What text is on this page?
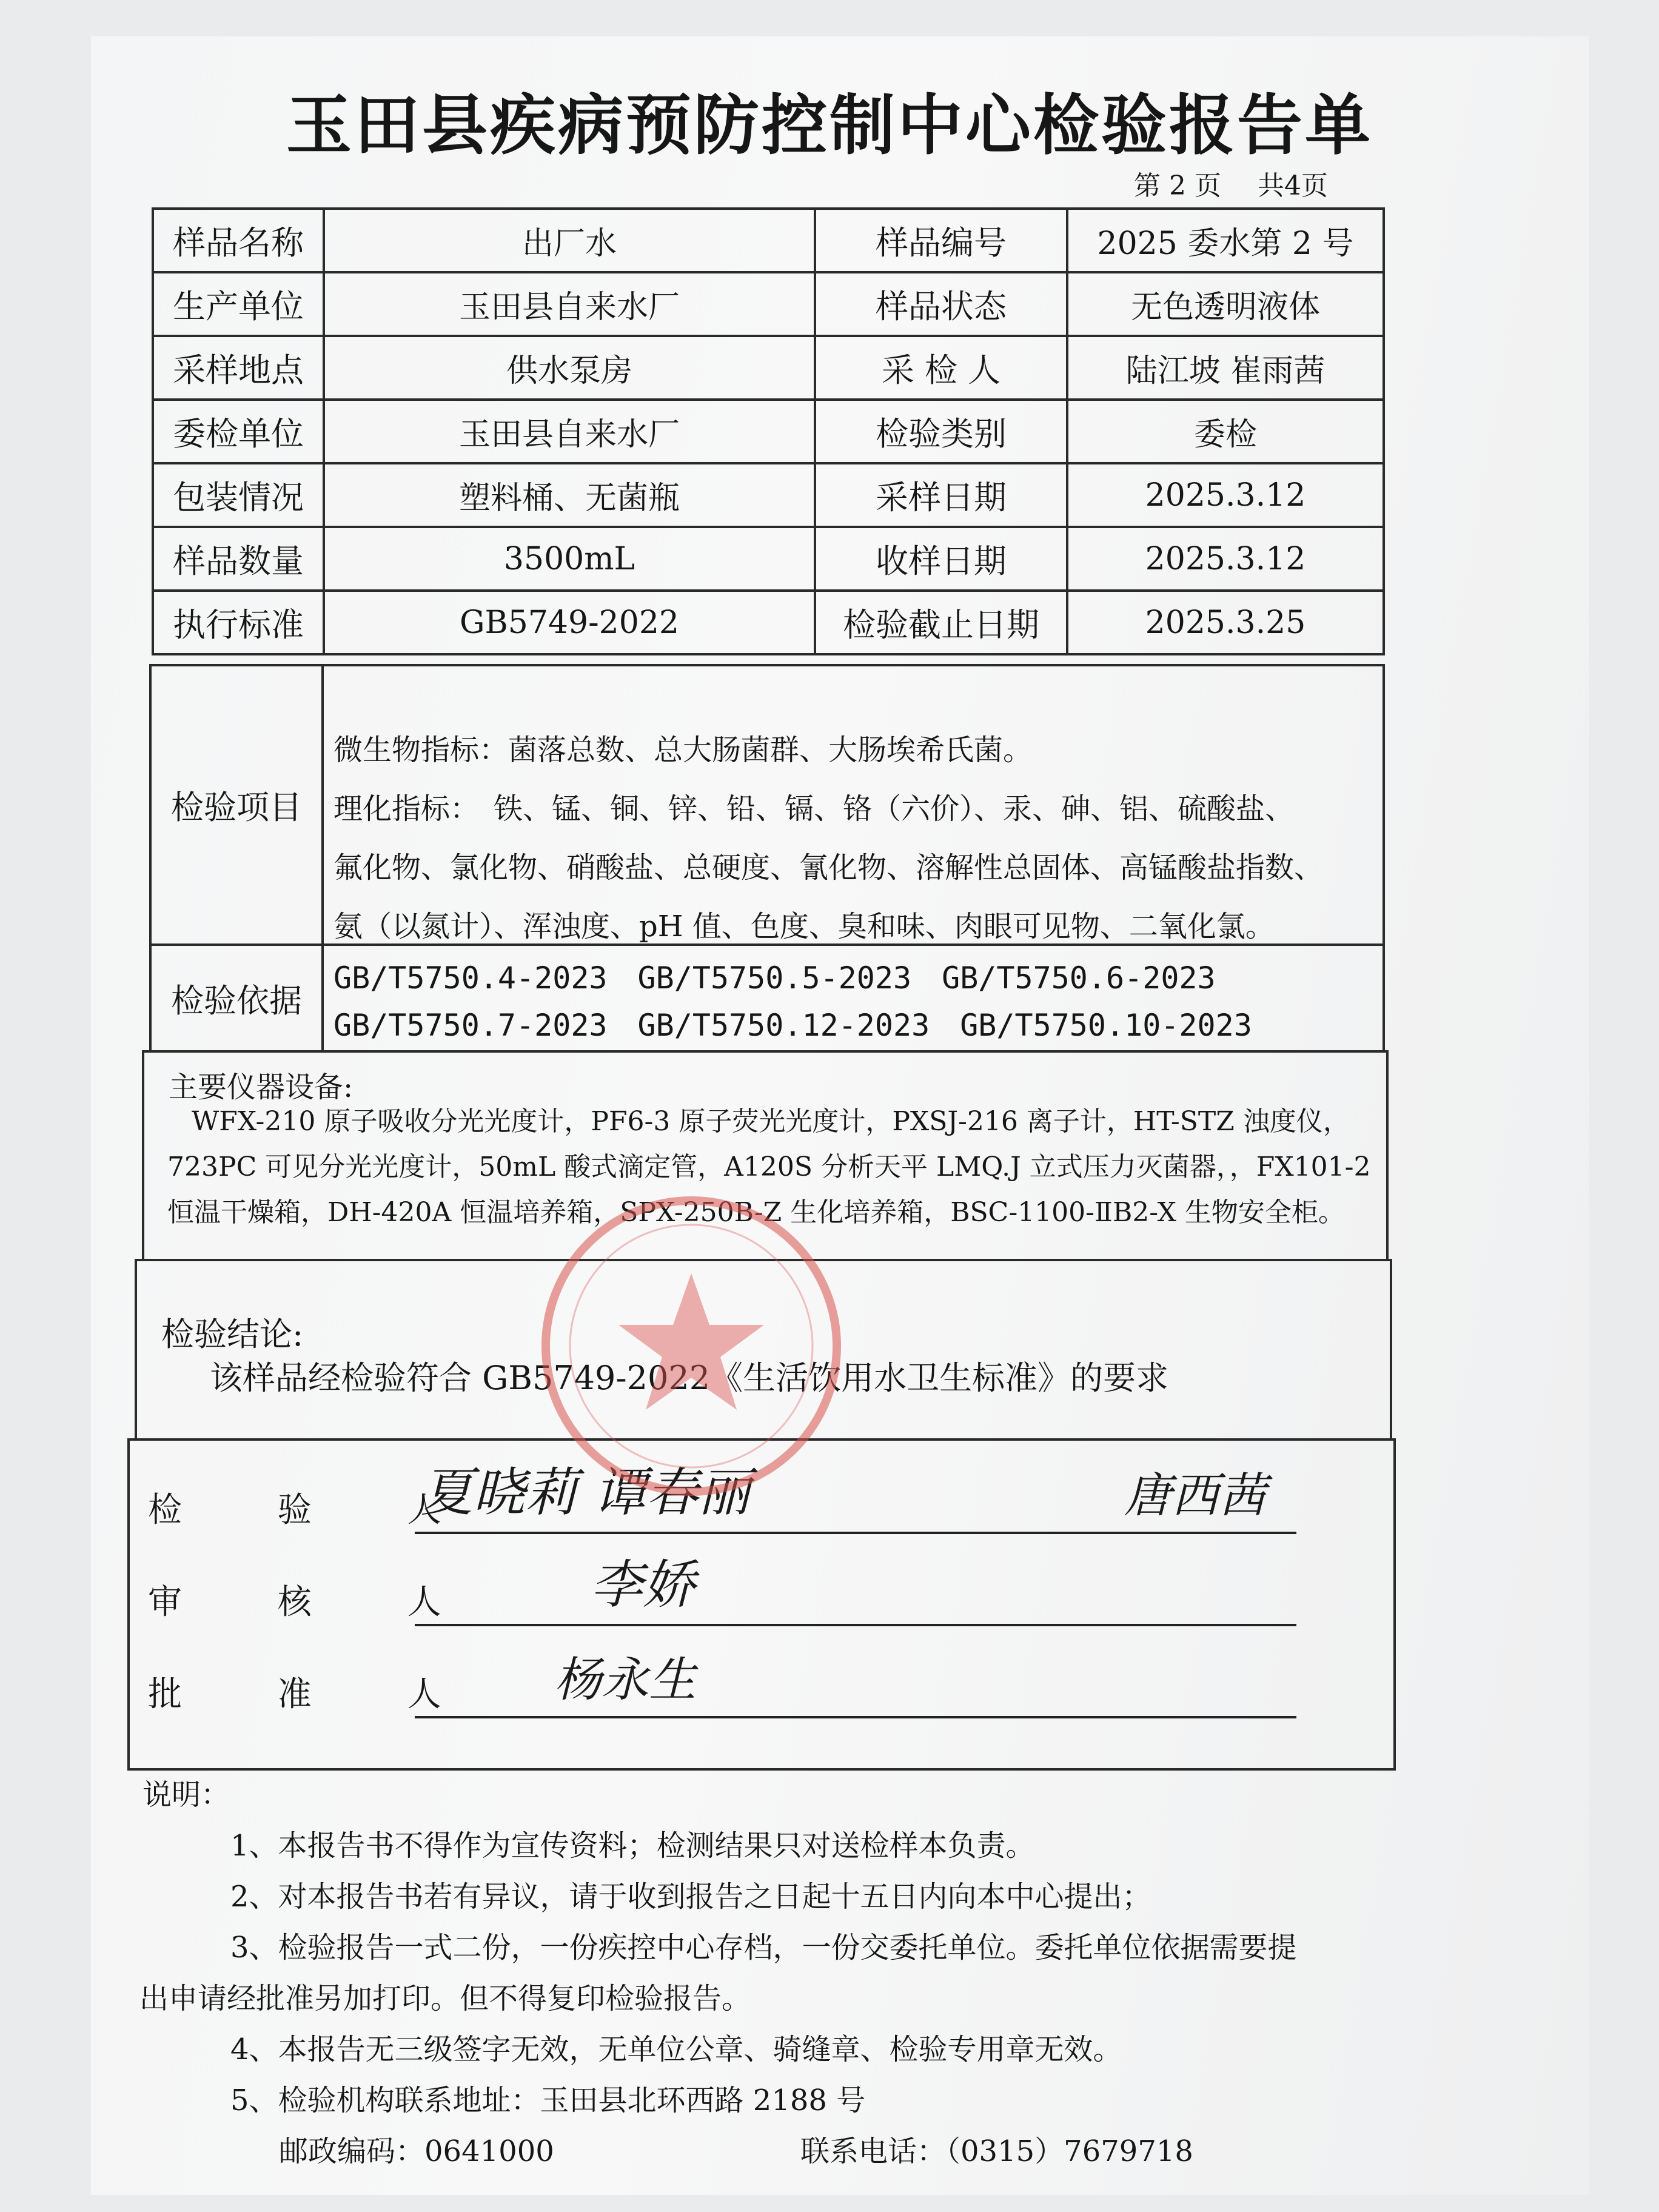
玉田县疾病预防控制中心检验报告单
第 2 页 共4页
样品名称	出厂水	样品编号	2025 委水第 2 号
生产单位	玉田县自来水厂	样品状态	无色透明液体
采样地点	供水泵房	采 检 人	陆江坡 崔雨茜
委检单位	玉田县自来水厂	检验类别	委检
包装情况	塑料桶、无菌瓶	采样日期	2025.3.12
样品数量	3500mL	收样日期	2025.3.12
执行标准	GB5749-2022	检验截止日期	2025.3.25
检验项目
微生物指标：菌落总数、总大肠菌群、大肠埃希氏菌。
理化指标：　铁、锰、铜、锌、铅、镉、铬（六价）、汞、砷、铝、硫酸盐、
氟化物、氯化物、硝酸盐、总硬度、氰化物、溶解性总固体、高锰酸盐指数、
氨（以氮计）、浑浊度、pH 值、色度、臭和味、肉眼可见物、二氧化氯。
检验依据
GB/T5750.4-2023 GB/T5750.5-2023 GB/T5750.6-2023
GB/T5750.7-2023 GB/T5750.12-2023 GB/T5750.10-2023
主要仪器设备:
WFX-210 原子吸收分光光度计，PF6-3 原子荧光光度计，PXSJ-216 离子计，HT-STZ 浊度仪，723PC 可见分光光度计，50mL 酸式滴定管，A120S 分析天平 LMQ.J 立式压力灭菌器，，FX101-2 恒温干燥箱，DH-420A 恒温培养箱，SPX-250B-Z 生化培养箱，BSC-1100-ⅡB2-X 生物安全柜。
检验结论:
该样品经检验符合 GB5749-2022《生活饮用水卫生标准》的要求
检 验 人
夏晓莉 谭春丽	唐西茜
审 核 人 李娇
批 准 人 杨永生
说明：
1、本报告书不得作为宣传资料；检测结果只对送检样本负责。
2、对本报告书若有异议，请于收到报告之日起十五日内向本中心提出；
3、检验报告一式二份，一份疾控中心存档，一份交委托单位。委托单位依据需要提
出申请经批准另加打印。但不得复印检验报告。
4、本报告无三级签字无效，无单位公章、骑缝章、检验专用章无效。
5、检验机构联系地址：玉田县北环西路 2188 号
邮政编码：0641000	联系电话：（0315）7679718
